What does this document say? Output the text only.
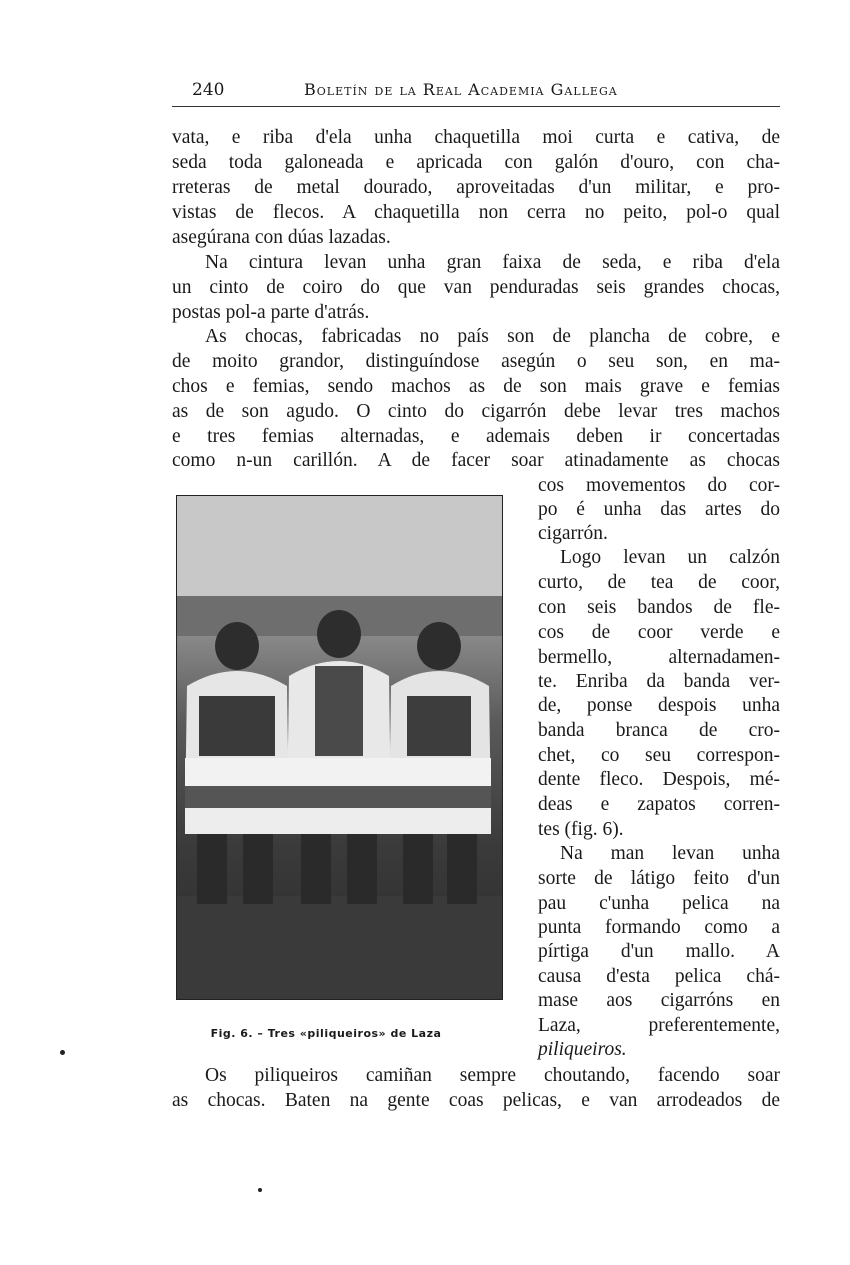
240	Boletín de la Real Academia Gallega
vata, e riba d'ela unha chaquetilla moi curta e cativa, de
seda toda galoneada e apricada con galón d'ouro, con cha-
rreteras de metal dourado, aproveitadas d'un militar, e pro-
vistas de flecos. A chaquetilla non cerra no peito, pol-o qual
asegúrana con dúas lazadas.
Na cintura levan unha gran faixa de seda, e riba d'ela
un cinto de coiro do que van penduradas seis grandes chocas,
postas pol-a parte d'atrás.
As chocas, fabricadas no país son de plancha de cobre, e
de moito grandor, distinguíndose asegún o seu son, en ma-
chos e femias, sendo machos as de son mais grave e femias
as de son agudo. O cinto do cigarrón debe levar tres machos
e tres femias alternadas, e ademais deben ir concertadas
como n-un carillón. A de facer soar atinadamente as chocas
Fig. 6. – Tres «piliqueiros» de Laza
cos movementos do cor-
po é unha das artes do
cigarrón.
Logo levan un calzón
curto, de tea de coor,
con seis bandos de fle-
cos de coor verde e
bermello, alternadamen-
te. Enriba da banda ver-
de, ponse despois unha
banda branca de cro-
chet, co seu correspon-
dente fleco. Despois, mé-
deas e zapatos corren-
tes (fig. 6).
Na man levan unha
sorte de látigo feito d'un
pau c'unha pelica na
punta formando como a
pírtiga d'un mallo. A
causa d'esta pelica chá-
mase aos cigarróns en
Laza, preferentemente,
piliqueiros.
Os piliqueiros camiñan sempre choutando, facendo soar
as chocas. Baten na gente coas pelicas, e van arrodeados de
